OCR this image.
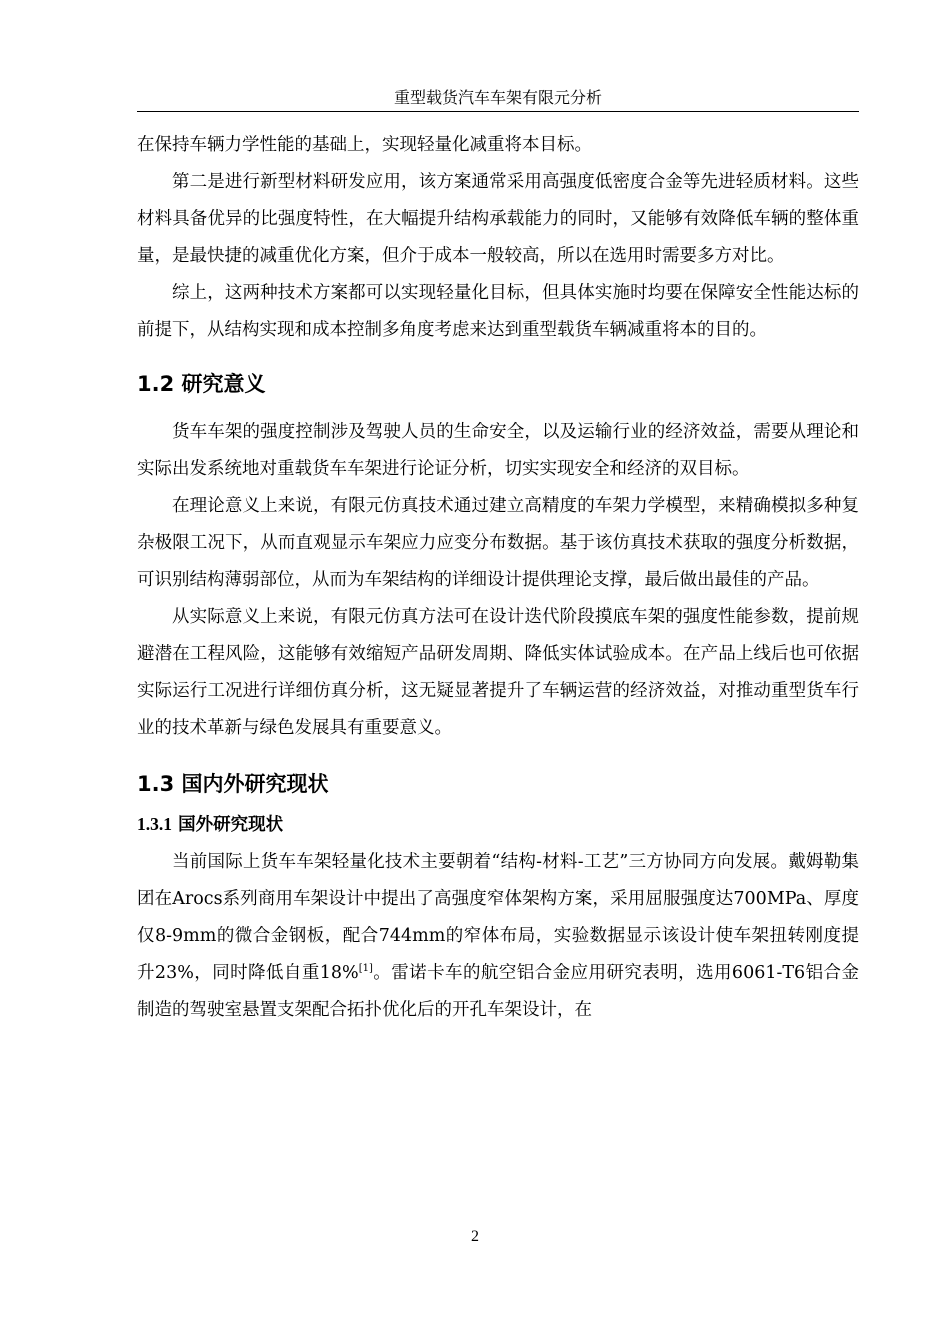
重型载货汽车车架有限元分析

在保持车辆力学性能的基础上，实现轻量化减重将本目标。

第二是进行新型材料研发应用，该方案通常采用高强度低密度合金等先进轻质材料。这些材料具备优异的比强度特性，在大幅提升结构承载能力的同时，又能够有效降低车辆的整体重量，是最快捷的减重优化方案，但介于成本一般较高，所以在选用时需要多方对比。

综上，这两种技术方案都可以实现轻量化目标，但具体实施时均要在保障安全性能达标的前提下，从结构实现和成本控制多角度考虑来达到重型载货车辆减重将本的目的。

1.2 研究意义

货车车架的强度控制涉及驾驶人员的生命安全，以及运输行业的经济效益，需要从理论和实际出发系统地对重载货车车架进行论证分析，切实实现安全和经济的双目标。

在理论意义上来说，有限元仿真技术通过建立高精度的车架力学模型，来精确模拟多种复杂极限工况下，从而直观显示车架应力应变分布数据。基于该仿真技术获取的强度分析数据，可识别结构薄弱部位，从而为车架结构的详细设计提供理论支撑，最后做出最佳的产品。

从实际意义上来说，有限元仿真方法可在设计迭代阶段摸底车架的强度性能参数，提前规避潜在工程风险，这能够有效缩短产品研发周期、降低实体试验成本。在产品上线后也可依据实际运行工况进行详细仿真分析，这无疑显著提升了车辆运营的经济效益，对推动重型货车行业的技术革新与绿色发展具有重要意义。

1.3 国内外研究现状
1.3.1 国外研究现状

当前国际上货车车架轻量化技术主要朝着“结构-材料-工艺”三方协同方向发展。戴姆勒集团在Arocs系列商用车架设计中提出了高强度窄体架构方案，采用屈服强度达700MPa、厚度仅8-9mm的微合金钢板，配合744mm的窄体布局，实验数据显示该设计使车架扭转刚度提升23%，同时降低自重18%[1]。雷诺卡车的航空铝合金应用研究表明，选用6061-T6铝合金制造的驾驶室悬置支架配合拓扑优化后的开孔车架设计，在

2
